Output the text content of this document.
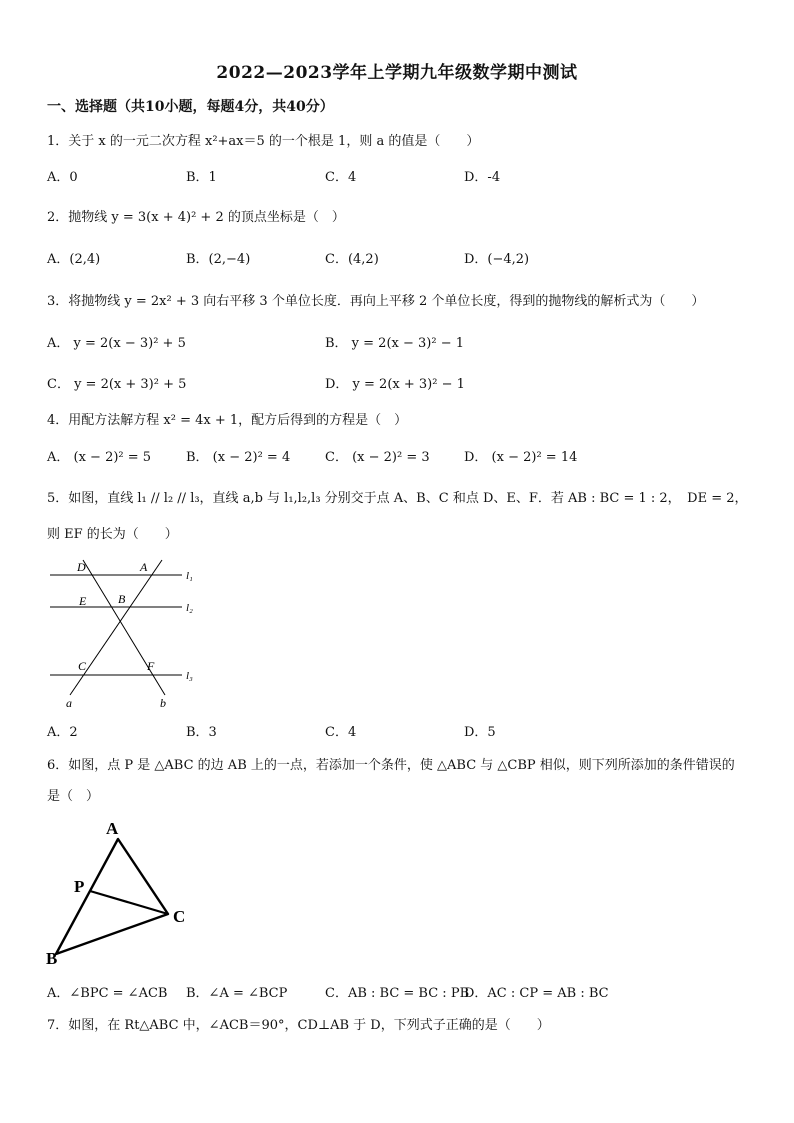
2022—2023学年上学期九年级数学期中测试
一、选择题（共10小题，每题4分，共40分）
1．关于 x 的一元二次方程 x²+ax＝5 的一个根是 1，则 a 的值是（　　）
A．0	B．1	C．4	D．-4
2．抛物线 y = 3(x + 4)² + 2 的顶点坐标是（　）
A．(2,4)	B．(2,−4)	C．(4,2)	D．(−4,2)
3．将抛物线 y = 2x² + 3 向右平移 3 个单位长度．再向上平移 2 个单位长度，得到的抛物线的解析式为（　　）
A． y = 2(x − 3)² + 5	B． y = 2(x − 3)² − 1
C． y = 2(x + 3)² + 5	D． y = 2(x + 3)² − 1
4．用配方法解方程 x² = 4x + 1，配方后得到的方程是（　）
A． (x − 2)² = 5	B． (x − 2)² = 4	C． (x − 2)² = 3	D． (x − 2)² = 14
5．如图，直线 l₁ // l₂ // l₃，直线 a,b 与 l₁,l₂,l₃ 分别交于点 A、B、C 和点 D、E、F．若 AB : BC = 1 : 2，　DE = 2，
则 EF 的长为（　　）
D	A
E	B
C	F
a	b
l₁
l₂
l₃
A．2	B．3	C．4	D．5
6．如图，点 P 是 △ABC 的边 AB 上的一点，若添加一个条件，使 △ABC 与 △CBP 相似，则下列所添加的条件错误的
是（　）
A
P
B
C
A．∠BPC = ∠ACB B．∠A = ∠BCP	C．AB : BC = BC : PB
D．AC : CP = AB : BC
7．如图，在 Rt△ABC 中，∠ACB＝90°，CD⊥AB 于 D，下列式子正确的是（　　）
